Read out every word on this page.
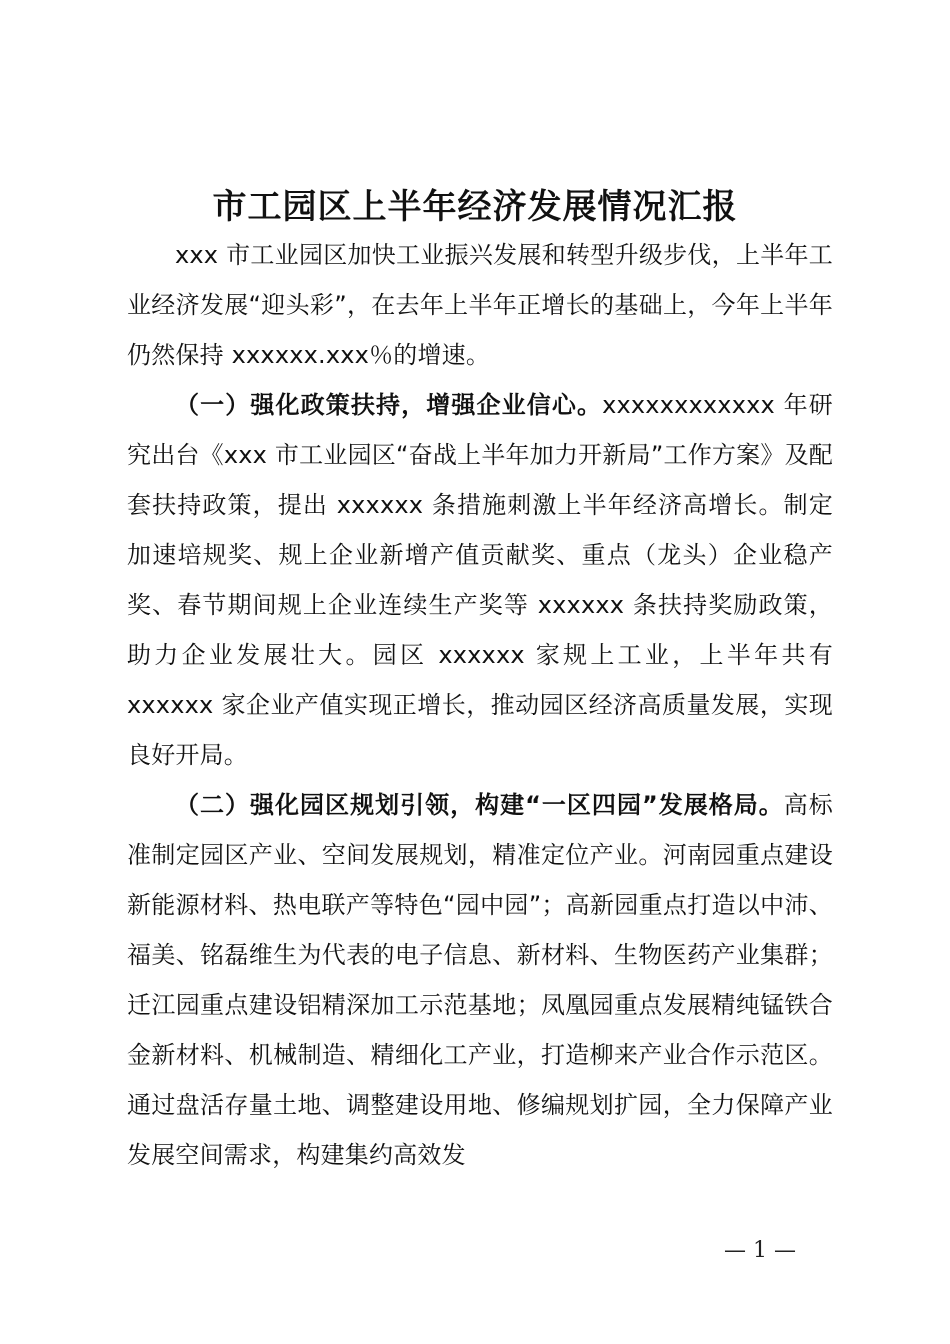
市工园区上半年经济发展情况汇报

xxx 市工业园区加快工业振兴发展和转型升级步伐，上半年工业经济发展“迎头彩”，在去年上半年正增长的基础上，今年上半年仍然保持 xxxxxx.xxx％的增速。

（一）强化政策扶持，增强企业信心。xxxxxxxxxxxx 年研究出台《xxx 市工业园区“奋战上半年加力开新局”工作方案》及配套扶持政策，提出 xxxxxx 条措施刺激上半年经济高增长。制定加速培规奖、规上企业新增产值贡献奖、重点（龙头）企业稳产奖、春节期间规上企业连续生产奖等 xxxxxx 条扶持奖励政策，助力企业发展壮大。园区 xxxxxx 家规上工业，上半年共有 xxxxxx 家企业产值实现正增长，推动园区经济高质量发展，实现良好开局。

（二）强化园区规划引领，构建“一区四园”发展格局。高标准制定园区产业、空间发展规划，精准定位产业。河南园重点建设新能源材料、热电联产等特色“园中园”；高新园重点打造以中沛、福美、铭磊维生为代表的电子信息、新材料、生物医药产业集群；迁江园重点建设铝精深加工示范基地；凤凰园重点发展精纯锰铁合金新材料、机械制造、精细化工产业，打造柳来产业合作示范区。通过盘活存量土地、调整建设用地、修编规划扩园，全力保障产业发展空间需求，构建集约高效发

— 1 —
